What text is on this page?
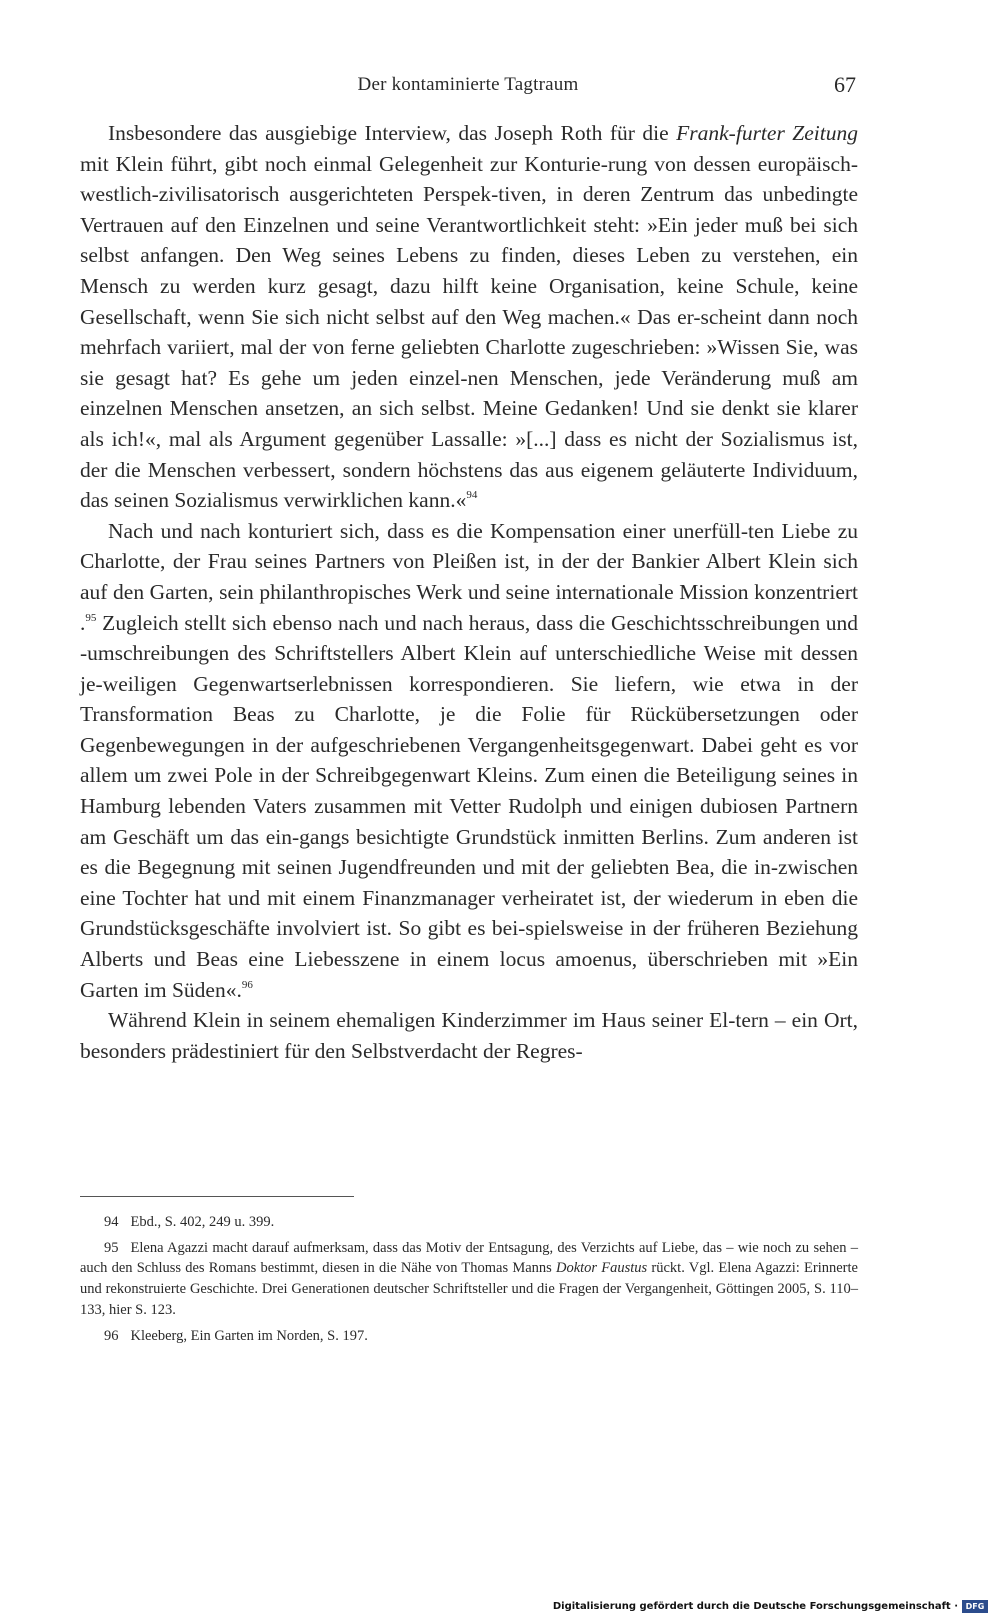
Der kontaminierte Tagtraum	67

Insbesondere das ausgiebige Interview, das Joseph Roth für die Frank-furter Zeitung mit Klein führt, gibt noch einmal Gelegenheit zur Konturie-rung von dessen europäisch-westlich-zivilisatorisch ausgerichteten Perspek-tiven, in deren Zentrum das unbedingte Vertrauen auf den Einzelnen und seine Verantwortlichkeit steht: »Ein jeder muß bei sich selbst anfangen. Den Weg seines Lebens zu finden, dieses Leben zu verstehen, ein Mensch zu werden kurz gesagt, dazu hilft keine Organisation, keine Schule, keine Gesellschaft, wenn Sie sich nicht selbst auf den Weg machen.« Das er-scheint dann noch mehrfach variiert, mal der von ferne geliebten Charlotte zugeschrieben: »Wissen Sie, was sie gesagt hat? Es gehe um jeden einzel-nen Menschen, jede Veränderung muß am einzelnen Menschen ansetzen, an sich selbst. Meine Gedanken! Und sie denkt sie klarer als ich!«, mal als Argument gegenüber Lassalle: »[...] dass es nicht der Sozialismus ist, der die Menschen verbessert, sondern höchstens das aus eigenem geläuterte Individuum, das seinen Sozialismus verwirklichen kann.«$^{94}$

Nach und nach konturiert sich, dass es die Kompensation einer unerfüll-ten Liebe zu Charlotte, der Frau seines Partners von Pleißen ist, in der der Bankier Albert Klein sich auf den Garten, sein philanthropisches Werk und seine internationale Mission konzentriert .$^{95}$ Zugleich stellt sich ebenso nach und nach heraus, dass die Geschichtsschreibungen und -umschreibungen des Schriftstellers Albert Klein auf unterschiedliche Weise mit dessen je-weiligen Gegenwartserlebnissen korrespondieren. Sie liefern, wie etwa in der Transformation Beas zu Charlotte, je die Folie für Rückübersetzungen oder Gegenbewegungen in der aufgeschriebenen Vergangenheitsgegenwart. Dabei geht es vor allem um zwei Pole in der Schreibgegenwart Kleins. Zum einen die Beteiligung seines in Hamburg lebenden Vaters zusammen mit Vetter Rudolph und einigen dubiosen Partnern am Geschäft um das ein-gangs besichtigte Grundstück inmitten Berlins. Zum anderen ist es die Begegnung mit seinen Jugendfreunden und mit der geliebten Bea, die in-zwischen eine Tochter hat und mit einem Finanzmanager verheiratet ist, der wiederum in eben die Grundstücksgeschäfte involviert ist. So gibt es bei-spielsweise in der früheren Beziehung Alberts und Beas eine Liebesszene in einem locus amoenus, überschrieben mit »Ein Garten im Süden«.$^{96}$

Während Klein in seinem ehemaligen Kinderzimmer im Haus seiner El-tern – ein Ort, besonders prädestiniert für den Selbstverdacht der Regres-

94 Ebd., S. 402, 249 u. 399.

95 Elena Agazzi macht darauf aufmerksam, dass das Motiv der Entsagung, des Verzichts auf Liebe, das – wie noch zu sehen – auch den Schluss des Romans bestimmt, diesen in die Nähe von Thomas Manns Doktor Faustus rückt. Vgl. Elena Agazzi: Erinnerte und rekonstruierte Geschichte. Drei Generationen deutscher Schriftsteller und die Fragen der Vergangenheit, Göttingen 2005, S. 110–133, hier S. 123.

96 Kleeberg, Ein Garten im Norden, S. 197.

Digitalisierung gefördert durch die Deutsche Forschungsgemeinschaft · DFG
